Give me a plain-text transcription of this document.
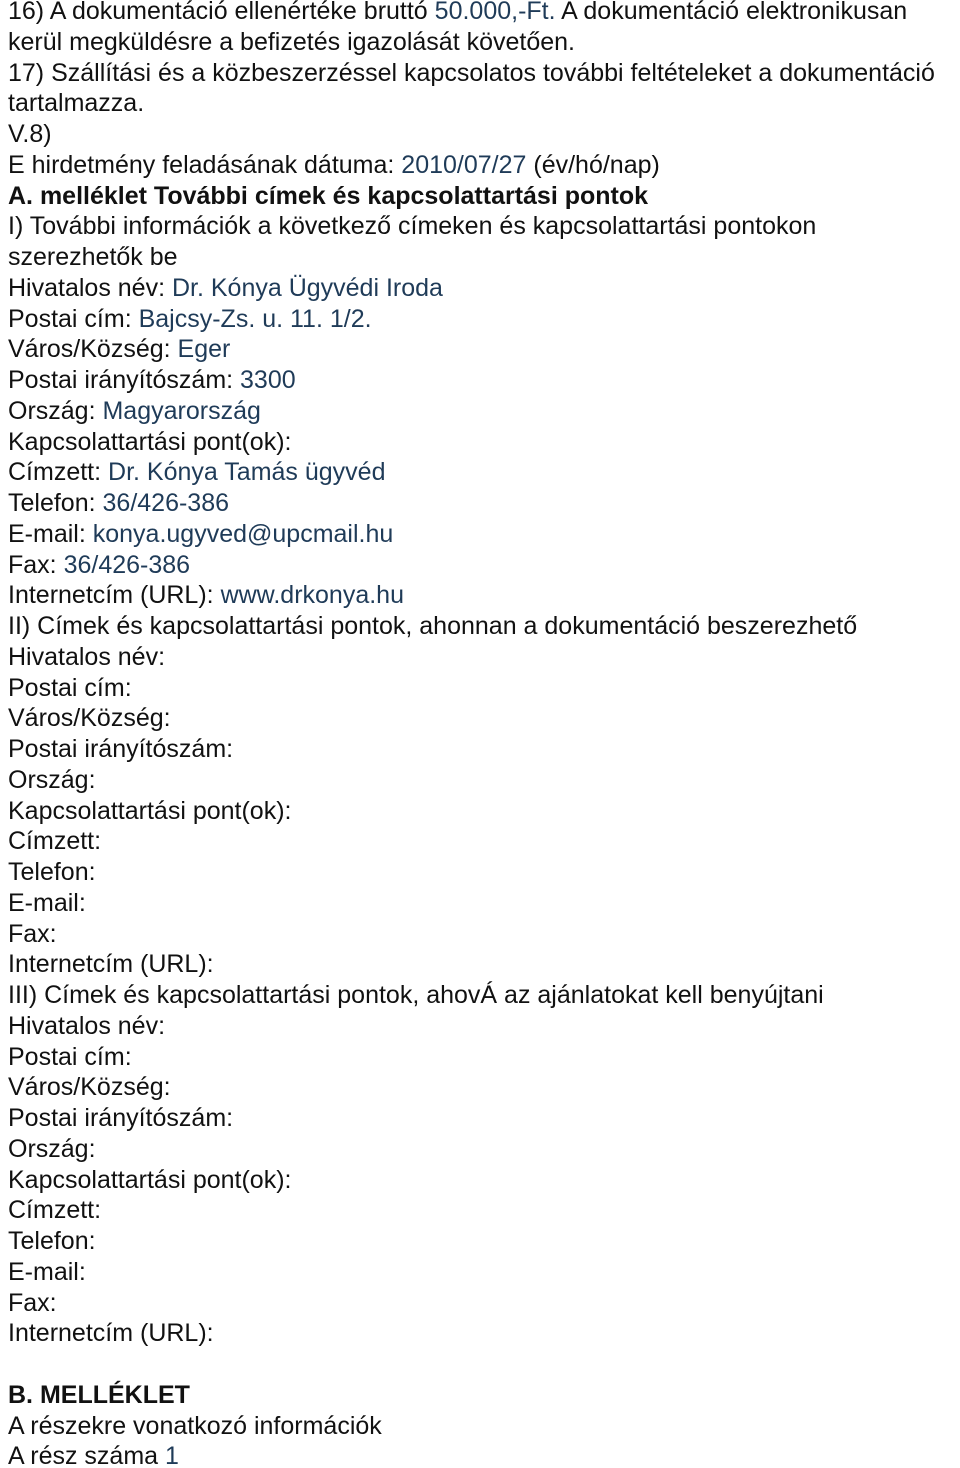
16) A dokumentáció ellenértéke bruttó 50.000,-Ft. A dokumentáció elektronikusan
kerül megküldésre a befizetés igazolását követően.
17) Szállítási és a közbeszerzéssel kapcsolatos további feltételeket a dokumentáció
tartalmazza.
V.8)
E hirdetmény feladásának dátuma: 2010/07/27 (év/hó/nap)
A. melléklet További címek és kapcsolattartási pontok
I) További információk a következő címeken és kapcsolattartási pontokon
szerezhetők be
Hivatalos név: Dr. Kónya Ügyvédi Iroda
Postai cím: Bajcsy-Zs. u. 11. 1/2.
Város/Község: Eger
Postai irányítószám: 3300
Ország: Magyarország
Kapcsolattartási pont(ok):
Címzett: Dr. Kónya Tamás ügyvéd
Telefon: 36/426-386
E-mail: konya.ugyved@upcmail.hu
Fax: 36/426-386
Internetcím (URL): www.drkonya.hu
II) Címek és kapcsolattartási pontok, ahonnan a dokumentáció beszerezhető
Hivatalos név:
Postai cím:
Város/Község:
Postai irányítószám:
Ország:
Kapcsolattartási pont(ok):
Címzett:
Telefon:
E-mail:
Fax:
Internetcím (URL):
III) Címek és kapcsolattartási pontok, ahovÁ az ajánlatokat kell benyújtani
Hivatalos név:
Postai cím:
Város/Község:
Postai irányítószám:
Ország:
Kapcsolattartási pont(ok):
Címzett:
Telefon:
E-mail:
Fax:
Internetcím (URL):
B. MELLÉKLET
A részekre vonatkozó információk
A rész száma 1
